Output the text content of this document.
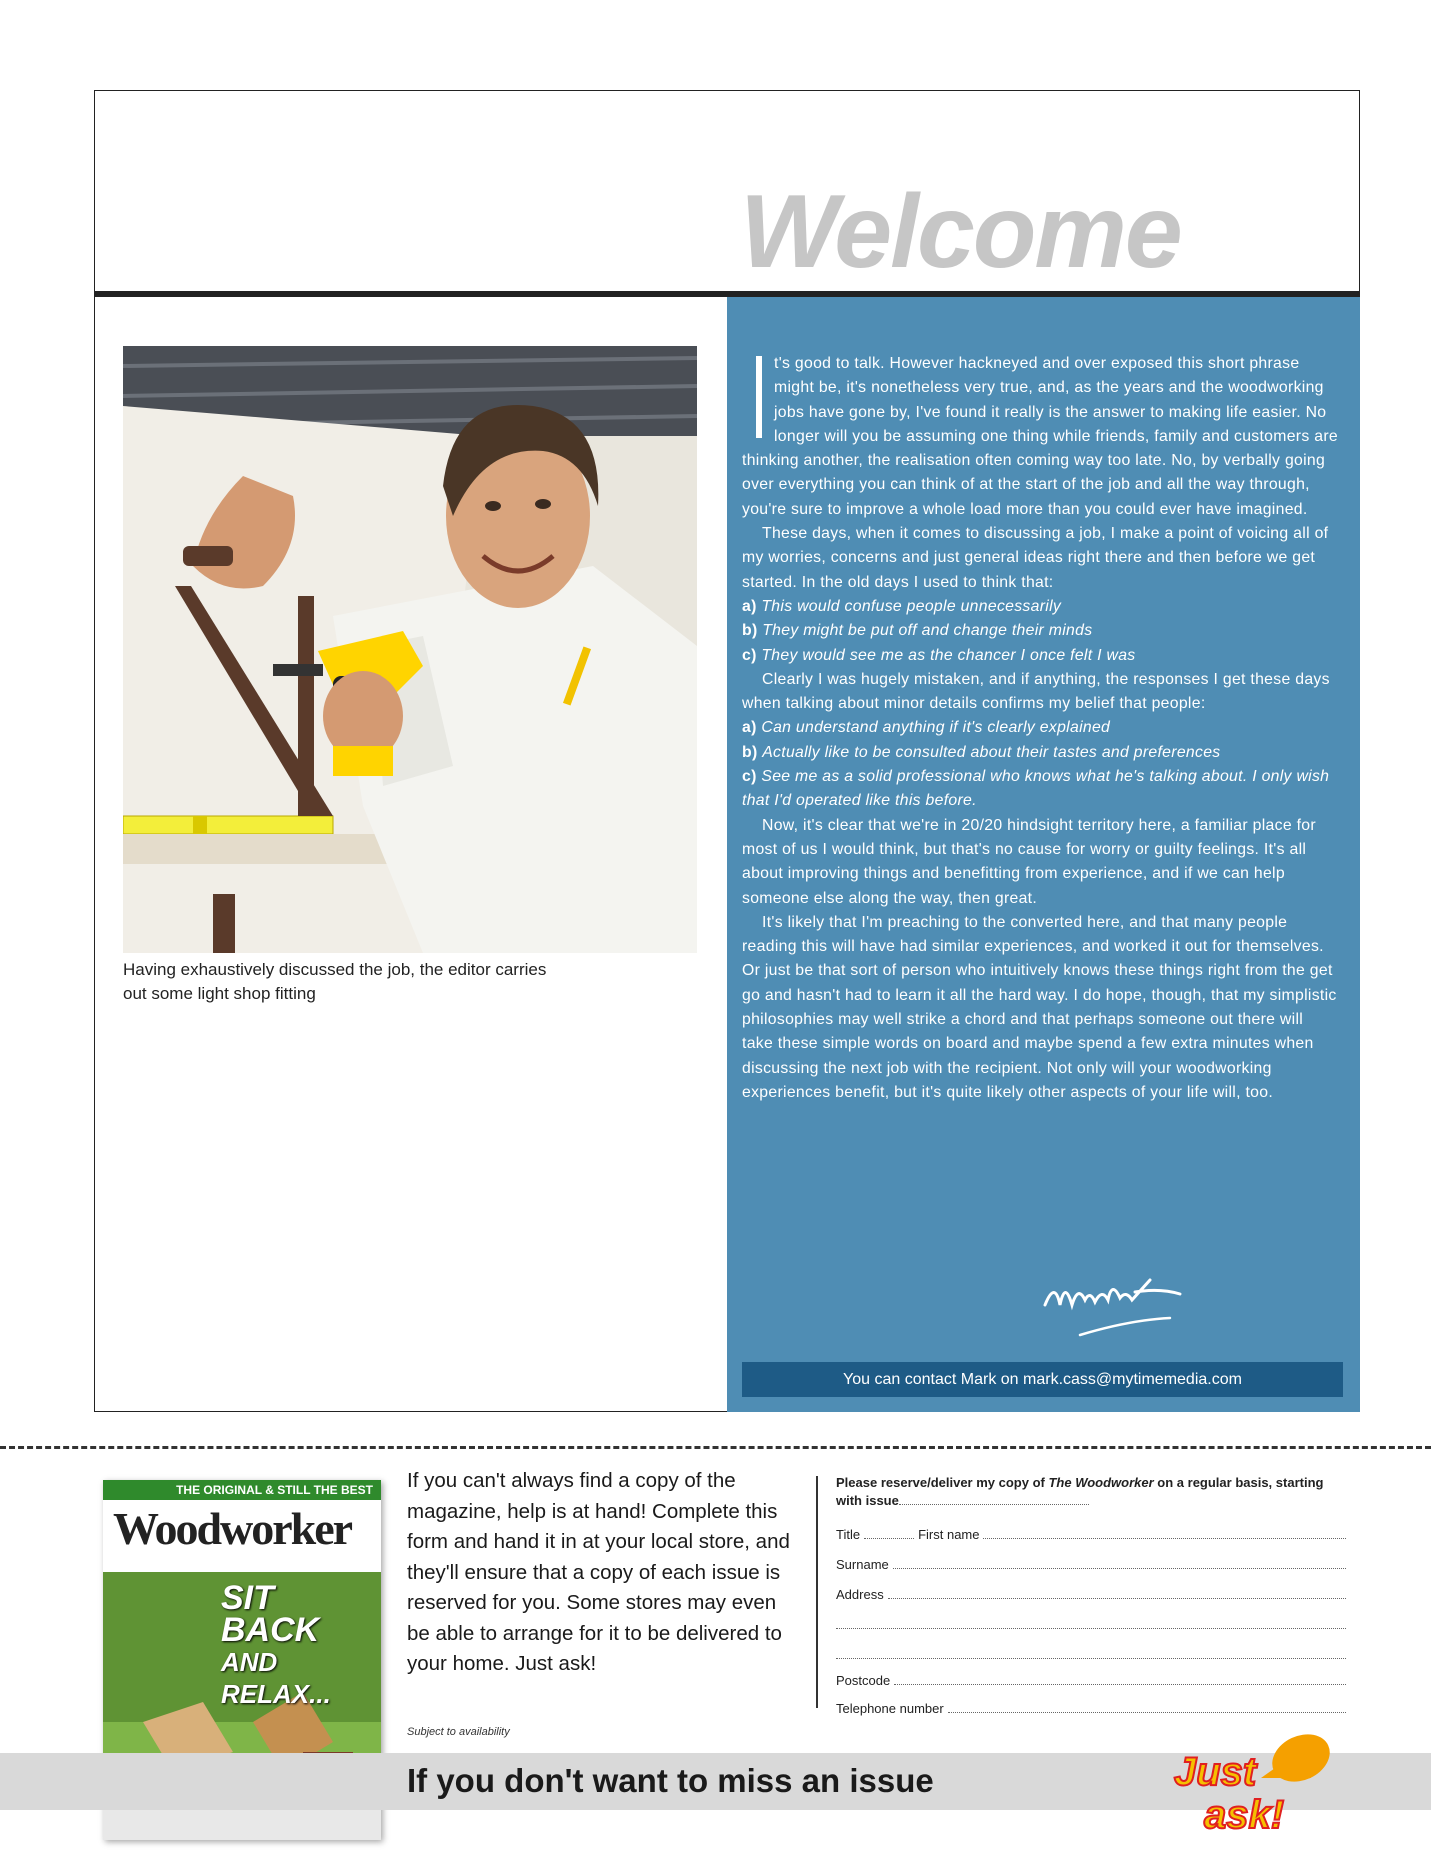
Welcome
Having exhaustively discussed the job, the editor carries out some light shop fitting

t's good to talk. However hackneyed and over exposed this short phrase might be, it's nonetheless very true, and, as the years and the woodworking jobs have gone by, I've found it really is the answer to making life easier. No longer will you be assuming one thing while friends, family and customers are thinking another, the realisation often coming way too late. No, by verbally going over everything you can think of at the start of the job and all the way through, you're sure to improve a whole load more than you could ever have imagined.

These days, when it comes to discussing a job, I make a point of voicing all of my worries, concerns and just general ideas right there and then before we get started. In the old days I used to think that:

a) This would confuse people unnecessarily

b) They might be put off and change their minds

c) They would see me as the chancer I once felt I was

Clearly I was hugely mistaken, and if anything, the responses I get these days when talking about minor details confirms my belief that people:

a) Can understand anything if it's clearly explained

b) Actually like to be consulted about their tastes and preferences

c) See me as a solid professional who knows what he's talking about. I only wish that I'd operated like this before.

Now, it's clear that we're in 20/20 hindsight territory here, a familiar place for most of us I would think, but that's no cause for worry or guilty feelings. It's all about improving things and benefitting from experience, and if we can help someone else along the way, then great.

It's likely that I'm preaching to the converted here, and that many people reading this will have had similar experiences, and worked it out for themselves. Or just be that sort of person who intuitively knows these things right from the get go and hasn't had to learn it all the hard way. I do hope, though, that my simplistic philosophies may well strike a chord and that perhaps someone out there will take these simple words on board and maybe spend a few extra minutes when discussing the next job with the recipient. Not only will your woodworking experiences benefit, but it's quite likely other aspects of your life will, too.

You can contact Mark on mark.cass@mytimemedia.com
THE ORIGINAL & STILL THE BEST
Woodworker
SIT BACK
AND RELAX...
If you can't always find a copy of the magazine, help is at hand! Complete this form and hand it in at your local store, and they'll ensure that a copy of each issue is reserved for you. Some stores may even be able to arrange for it to be delivered to your home. Just ask!
Subject to availability
Please reserve/deliver my copy of The Woodworker on a regular basis, starting with issue
Title	First name
Surname
Address
Postcode
Telephone number
If you don't want to miss an issue	Just
ask!
